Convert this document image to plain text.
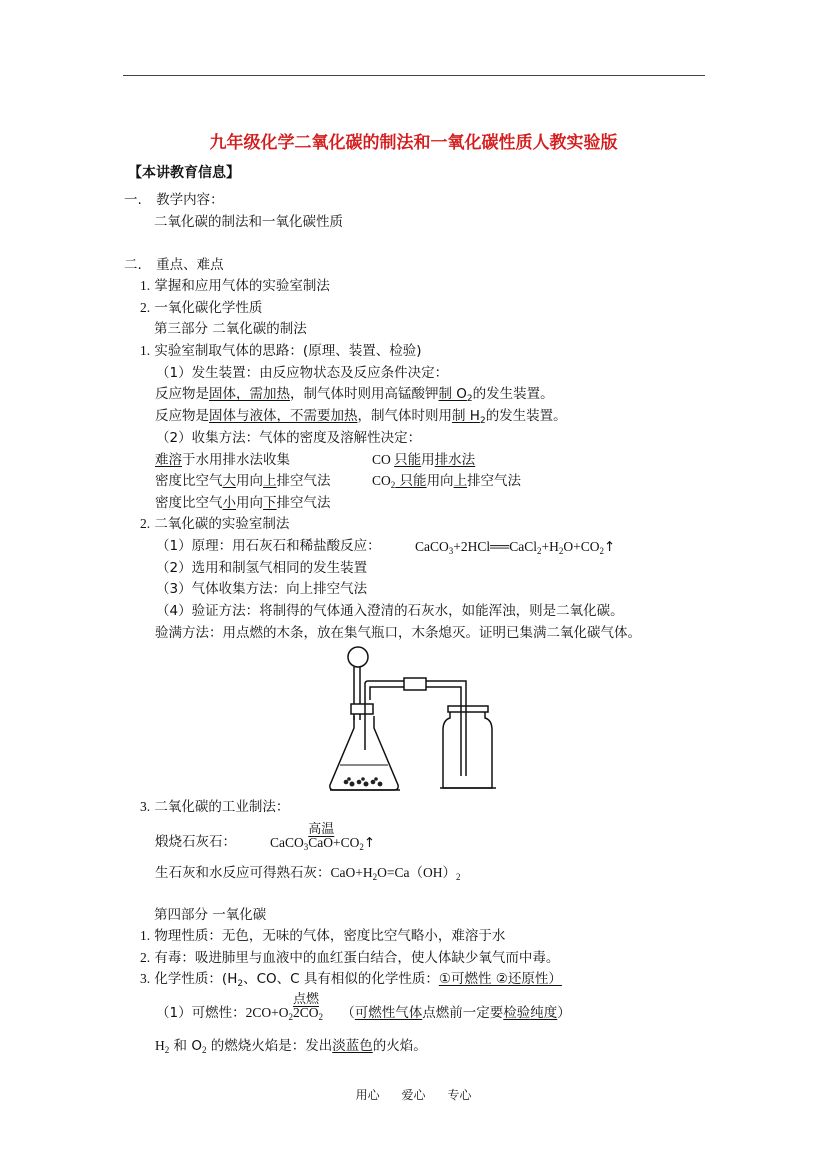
九年级化学二氧化碳的制法和一氧化碳性质人教实验版
【本讲教育信息】
一. 教学内容：
二氧化碳的制法和一氧化碳性质
二. 重点、难点
1. 掌握和应用气体的实验室制法
2. 一氧化碳化学性质
第三部分 二氧化碳的制法
1. 实验室制取气体的思路：(原理、装置、检验)
（1）发生装置：由反应物状态及反应条件决定：
反应物是固体，需加热，制气体时则用高锰酸钾制 $O_2$的发生装置。
反应物是固体与液体，不需要加热，制气体时则用制 $H_2$的发生装置。
（2）收集方法：气体的密度及溶解性决定：
难溶于水用排水法收集	CO 只能用排水法
密度比空气大用向上排空气法	$CO_2$ 只能用向上排空气法
密度比空气小用向下排空气法
2. 二氧化碳的实验室制法
（1）原理：用石灰石和稀盐酸反应：	$CaCO_3+2HCl══CaCl_2+H_2O+CO_2↑$
（2）选用和制氢气相同的发生装置
（3）气体收集方法：向上排空气法
（4）验证方法：将制得的气体通入澄清的石灰水，如能浑浊，则是二氧化碳。
验满方法：用点燃的木条，放在集气瓶口，木条熄灭。证明已集满二氧化碳气体。
3. 二氧化碳的工业制法：
煅烧石灰石：	CaCO$_3$
高温
$CaO+CO_2↑$
生石灰和水反应可得熟石灰：$CaO+H_2O=Ca(OH)_2$
第四部分 一氧化碳
1. 物理性质：无色，无味的气体，密度比空气略小，难溶于水
2. 有毒：吸进肺里与血液中的血红蛋白结合，使人体缺少氧气而中毒。
3. 化学性质：($H_2$、CO、C 具有相似的化学性质：①可燃性 ②还原性）
（1）可燃性：$2CO+O_2$
点燃
$2CO_2$ （可燃性气体点燃前一定要检验纯度）
$H_2$ 和 $O_2$ 的燃烧火焰是：发出淡蓝色的火焰。
用心 爱心 专心
